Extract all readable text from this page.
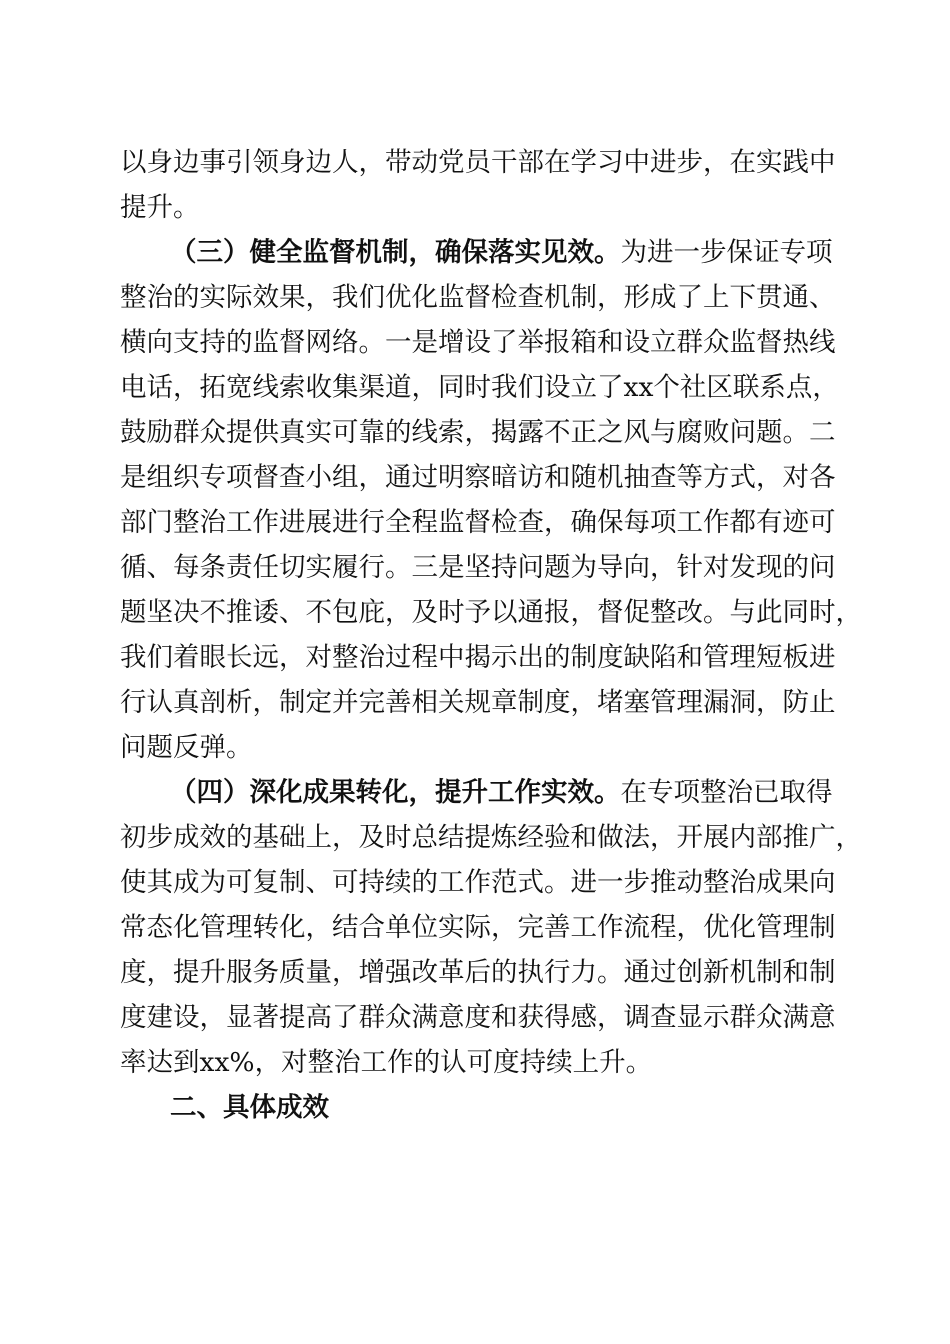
以身边事引领身边人，带动党员干部在学习中进步，在实践中
提升。
（三）健全监督机制，确保落实见效。 为进一步保证专项
整治的实际效果，我们优化监督检查机制，形成了上下贯通、
横向支持的监督网络。一是增设了举报箱和设立群众监督热线
电话，拓宽线索收集渠道，同时我们设立了xx个社区联系点，
鼓励群众提供真实可靠的线索，揭露不正之风与腐败问题。二
是组织专项督查小组，通过明察暗访和随机抽查等方式，对各
部门整治工作进展进行全程监督检查，确保每项工作都有迹可
循、每条责任切实履行。三是坚持问题为导向，针对发现的问
题坚决不推诿、不包庇，及时予以通报，督促整改。与此同时，
我们着眼长远，对整治过程中揭示出的制度缺陷和管理短板进
行认真剖析，制定并完善相关规章制度，堵塞管理漏洞，防止
问题反弹。
（四）深化成果转化，提升工作实效。 在专项整治已取得
初步成效的基础上，及时总结提炼经验和做法，开展内部推广，
使其成为可复制、可持续的工作范式。进一步推动整治成果向
常态化管理转化，结合单位实际，完善工作流程，优化管理制
度，提升服务质量，增强改革后的执行力。通过创新机制和制
度建设，显著提高了群众满意度和获得感，调查显示群众满意
率达到xx%，对整治工作的认可度持续上升。
二、具体成效
